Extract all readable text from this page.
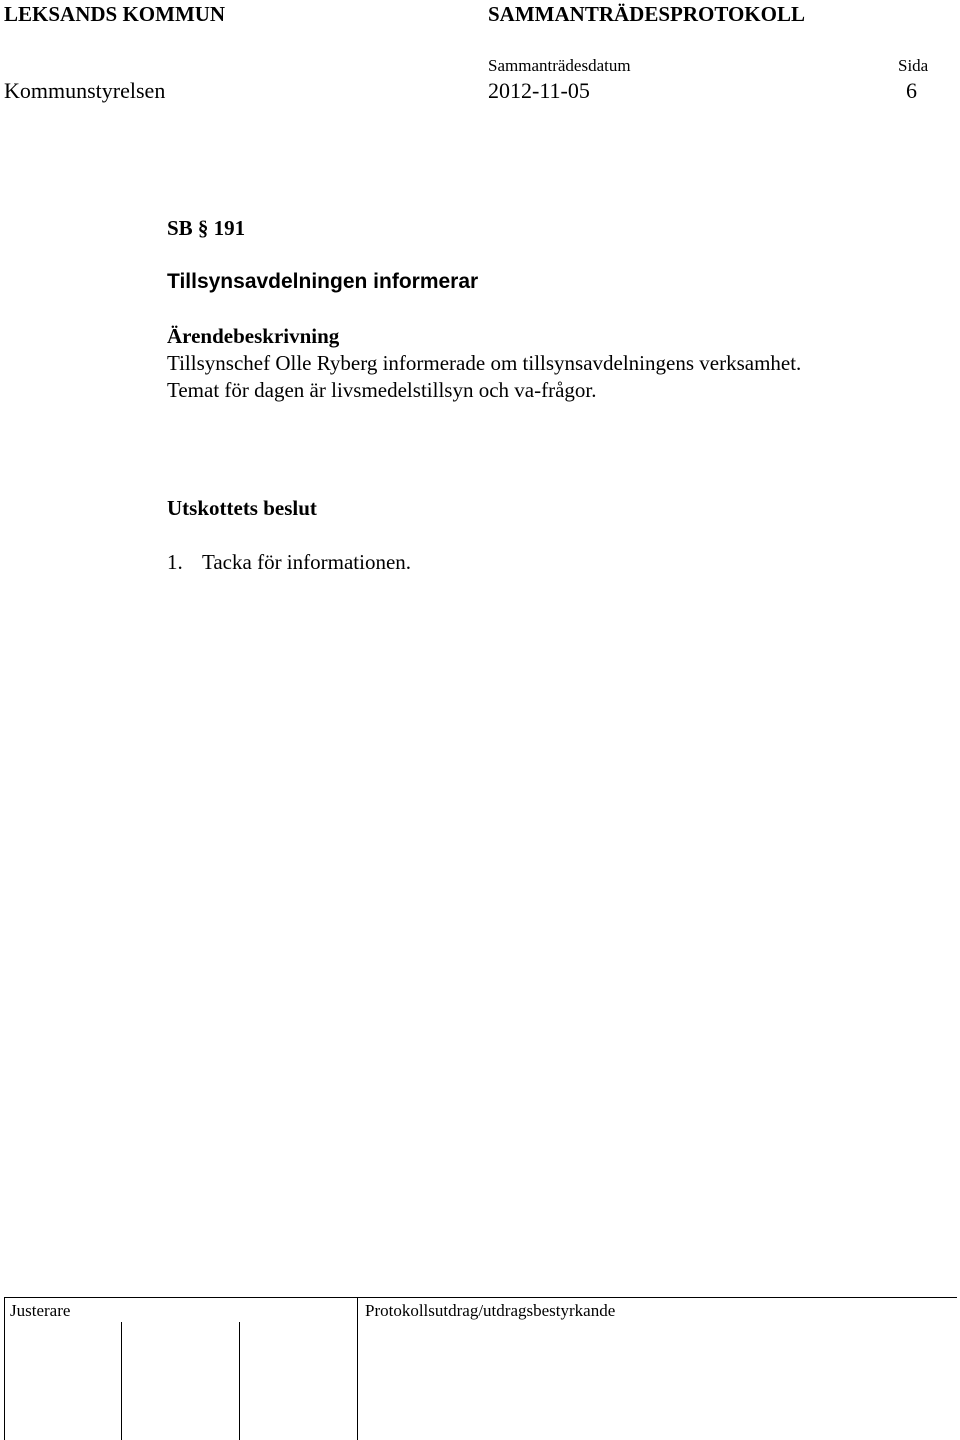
LEKSANDS KOMMUN	SAMMANTRÄDESPROTOKOLL
Sammanträdesdatum	Sida
Kommunstyrelsen	2012-11-05	6
SB § 191
Tillsynsavdelningen informerar
Ärendebeskrivning
Tillsynschef Olle Ryberg informerade om tillsynsavdelningens verksamhet.
Temat för dagen är livsmedelstillsyn och va-frågor.
Utskottets beslut
1. Tacka för informationen.
Justerare	Protokollsutdrag/utdragsbestyrkande
